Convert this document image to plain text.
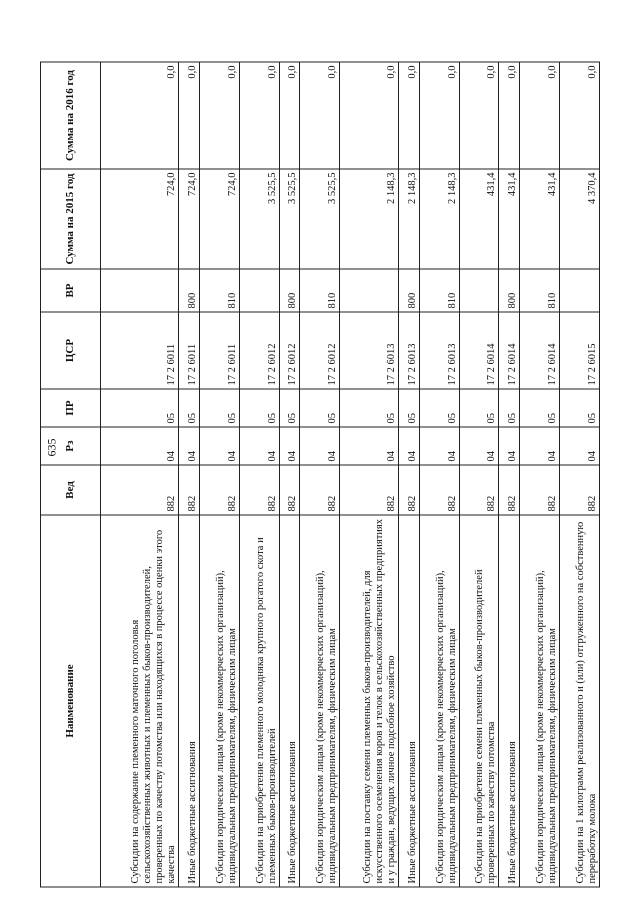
635
Наименование	Вед	Рз	ПР	ЦСР	ВР	Сумма на 2015 год	Сумма на 2016 год
Субсидии на содержание племенного маточного поголовья сельскохозяйственных животных и племенных быков-производителей, проверенных по качеству потомства или находящихся в процессе оценки этого качества	882	04	05	17 2 6011		724,0	0,0
Иные бюджетные ассигнования	882	04	05	17 2 6011	800	724,0	0,0
Субсидии юридическим лицам (кроме некоммерческих организаций), индивидуальным предпринимателям, физическим лицам	882	04	05	17 2 6011	810	724,0	0,0
Субсидии на приобретение племенного молодняка крупного рогатого скота и племенных быков-производителей	882	04	05	17 2 6012		3 525,5	0,0
Иные бюджетные ассигнования	882	04	05	17 2 6012	800	3 525,5	0,0
Субсидии юридическим лицам (кроме некоммерческих организаций), индивидуальным предпринимателям, физическим лицам	882	04	05	17 2 6012	810	3 525,5	0,0
Субсидии на поставку семени племенных быков-производителей, для искусственного осеменения коров и телок в сельскохозяйственных предприятиях и у граждан, ведущих личное подсобное хозяйство	882	04	05	17 2 6013		2 148,3	0,0
Иные бюджетные ассигнования	882	04	05	17 2 6013	800	2 148,3	0,0
Субсидии юридическим лицам (кроме некоммерческих организаций), индивидуальным предпринимателям, физическим лицам	882	04	05	17 2 6013	810	2 148,3	0,0
Субсидии на приобретение семени племенных быков-производителей проверенных по качеству потомства	882	04	05	17 2 6014		431,4	0,0
Иные бюджетные ассигнования	882	04	05	17 2 6014	800	431,4	0,0
Субсидии юридическим лицам (кроме некоммерческих организаций), индивидуальным предпринимателям, физическим лицам	882	04	05	17 2 6014	810	431,4	0,0
Субсидии на 1 килограмм реализованного и (или) отгруженного на собственную переработку молока	882	04	05	17 2 6015		4 370,4	0,0
